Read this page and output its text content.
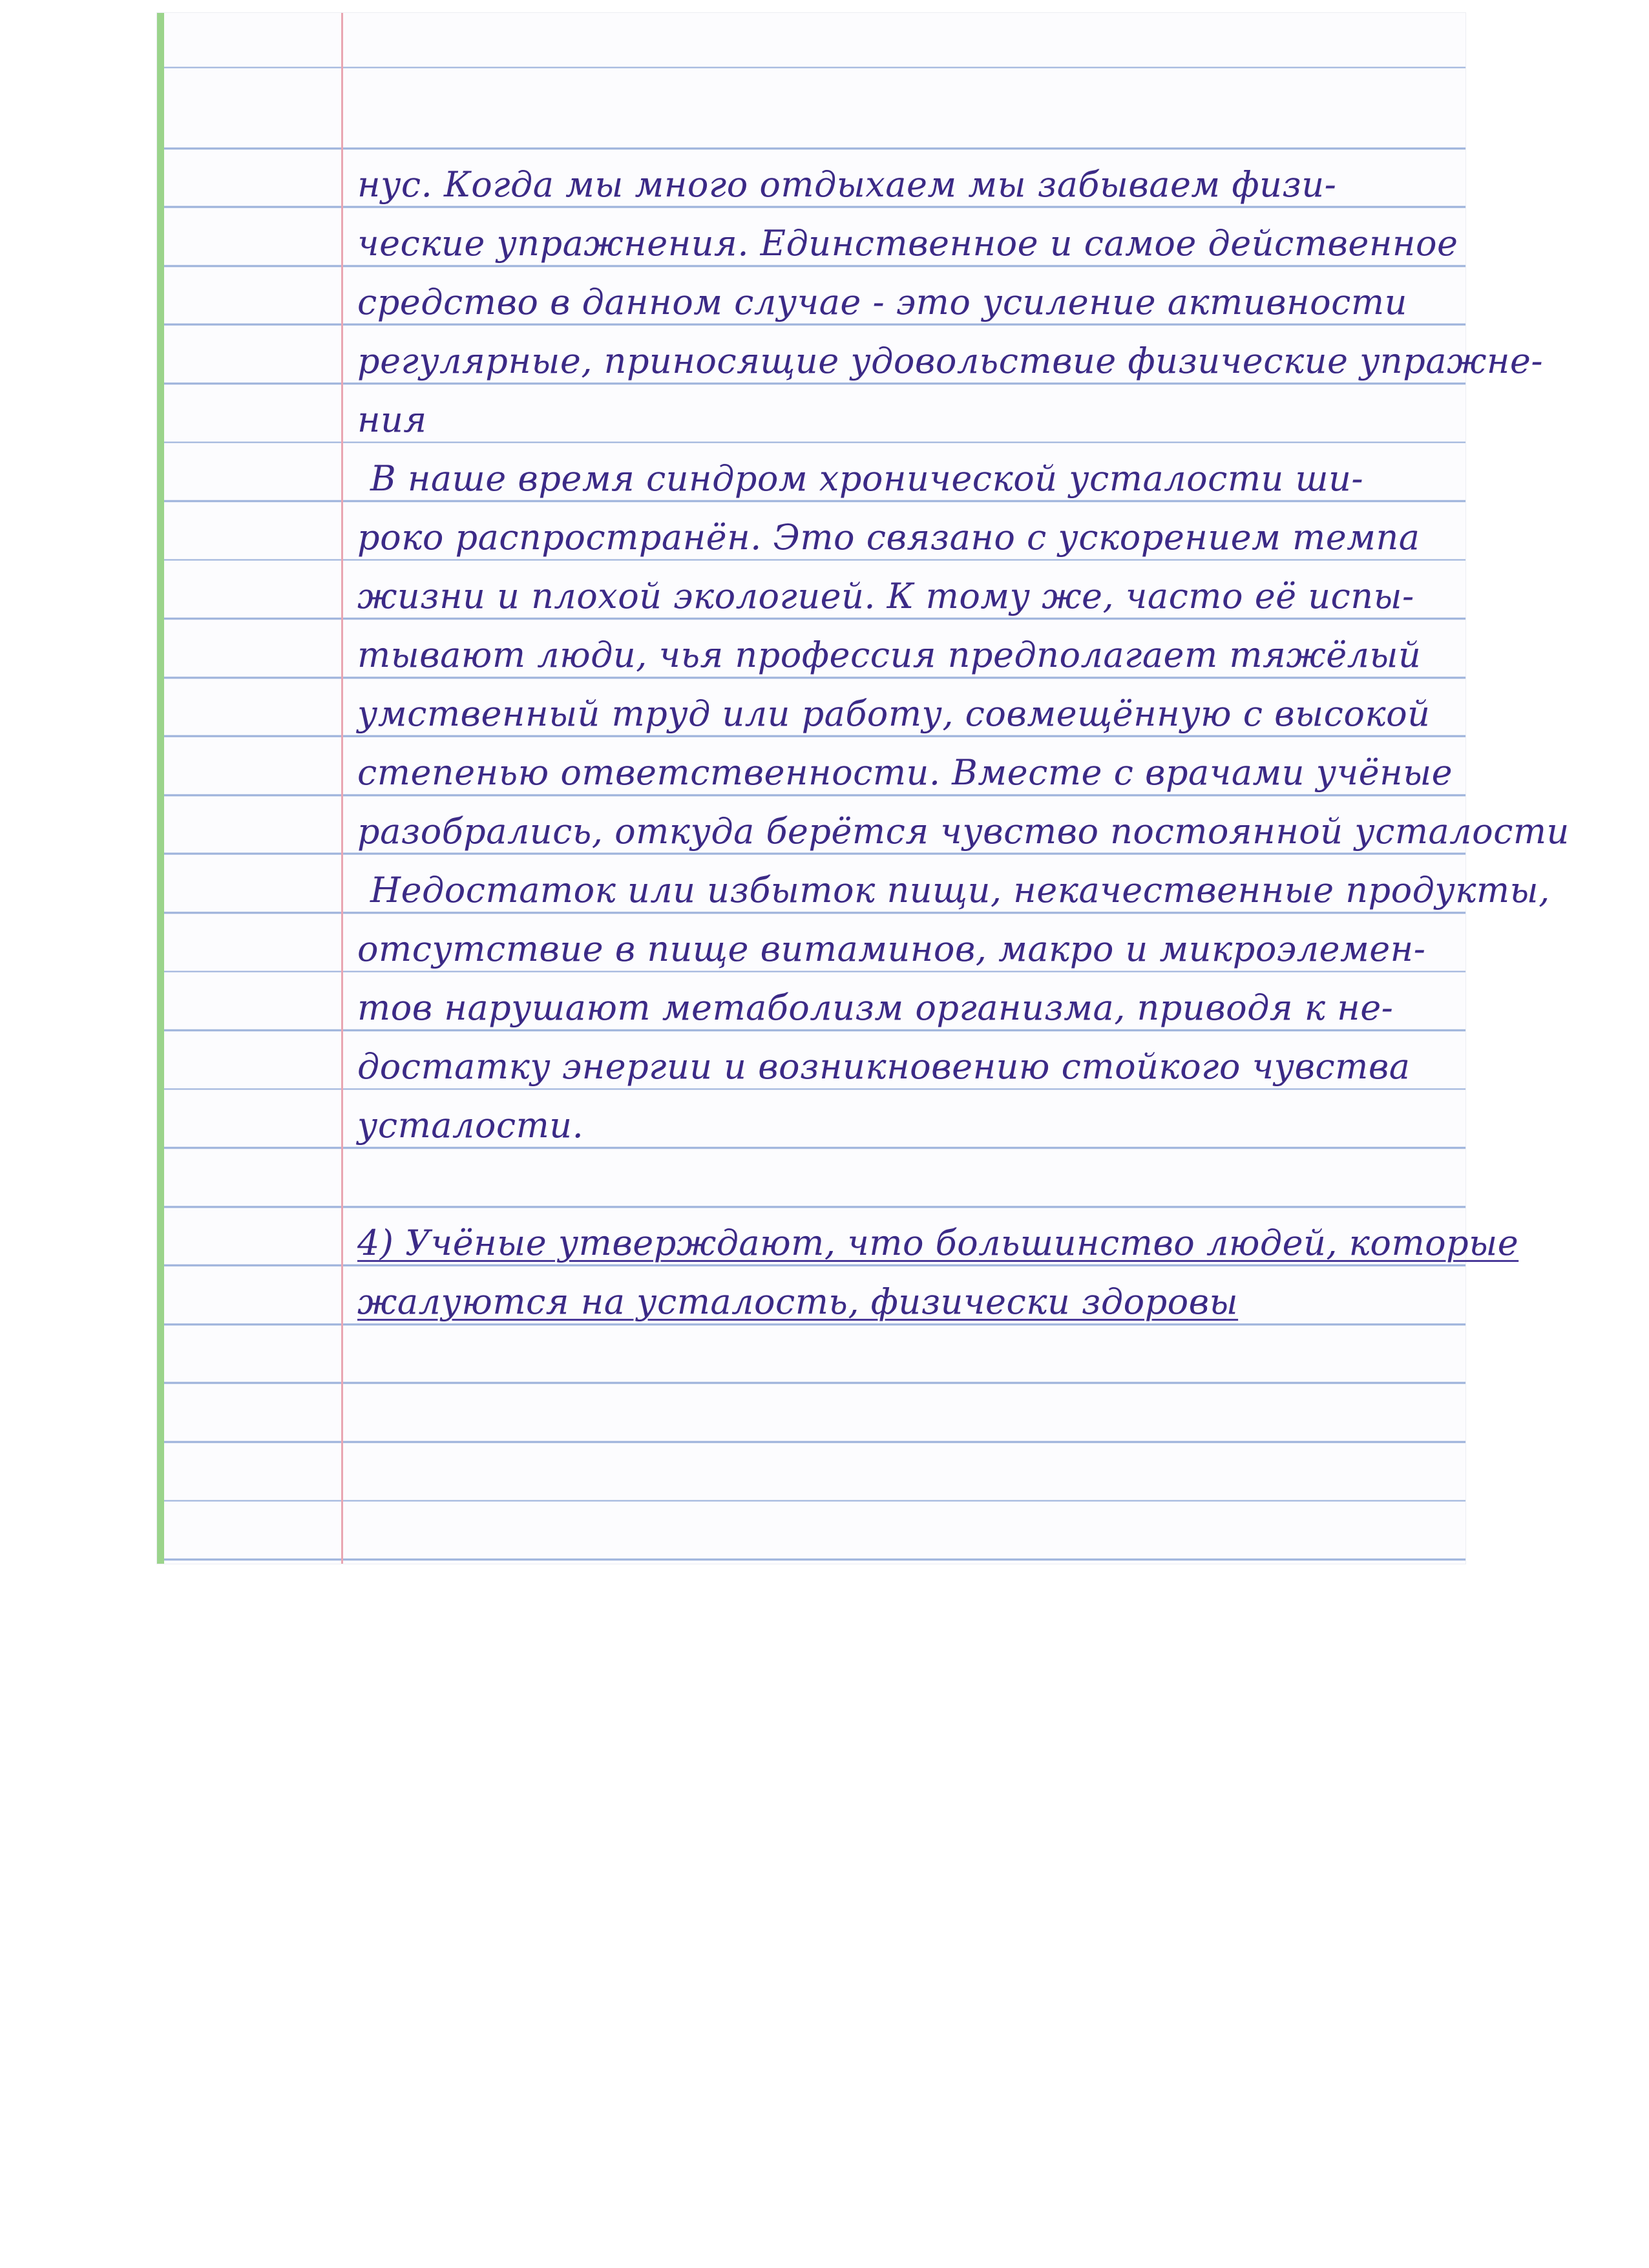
нус. Когда мы много отдыхаем мы забываем физи-
ческие упражнения. Единственное и самое действенное
средство в данном случае - это усиление активности
регулярные, приносящие удовольствие физические упражне-
ния
В наше время синдром хронической усталости ши-
роко распространён. Это связано с ускорением темпа
жизни и плохой экологией. К тому же, часто её испы-
тывают люди, чья профессия предполагает тяжёлый
умственный труд или работу, совмещённую с высокой
степенью ответственности. Вместе с врачами учёные
разобрались, откуда берётся чувство постоянной усталости
Недостаток или избыток пищи, некачественные продукты,
отсутствие в пище витаминов, макро и микроэлемен-
тов нарушают метаболизм организма, приводя к не-
достатку энергии и возникновению стойкого чувства
усталости.
4) Учёные утверждают, что большинство людей, которые
жалуются на усталость, физически здоровы
